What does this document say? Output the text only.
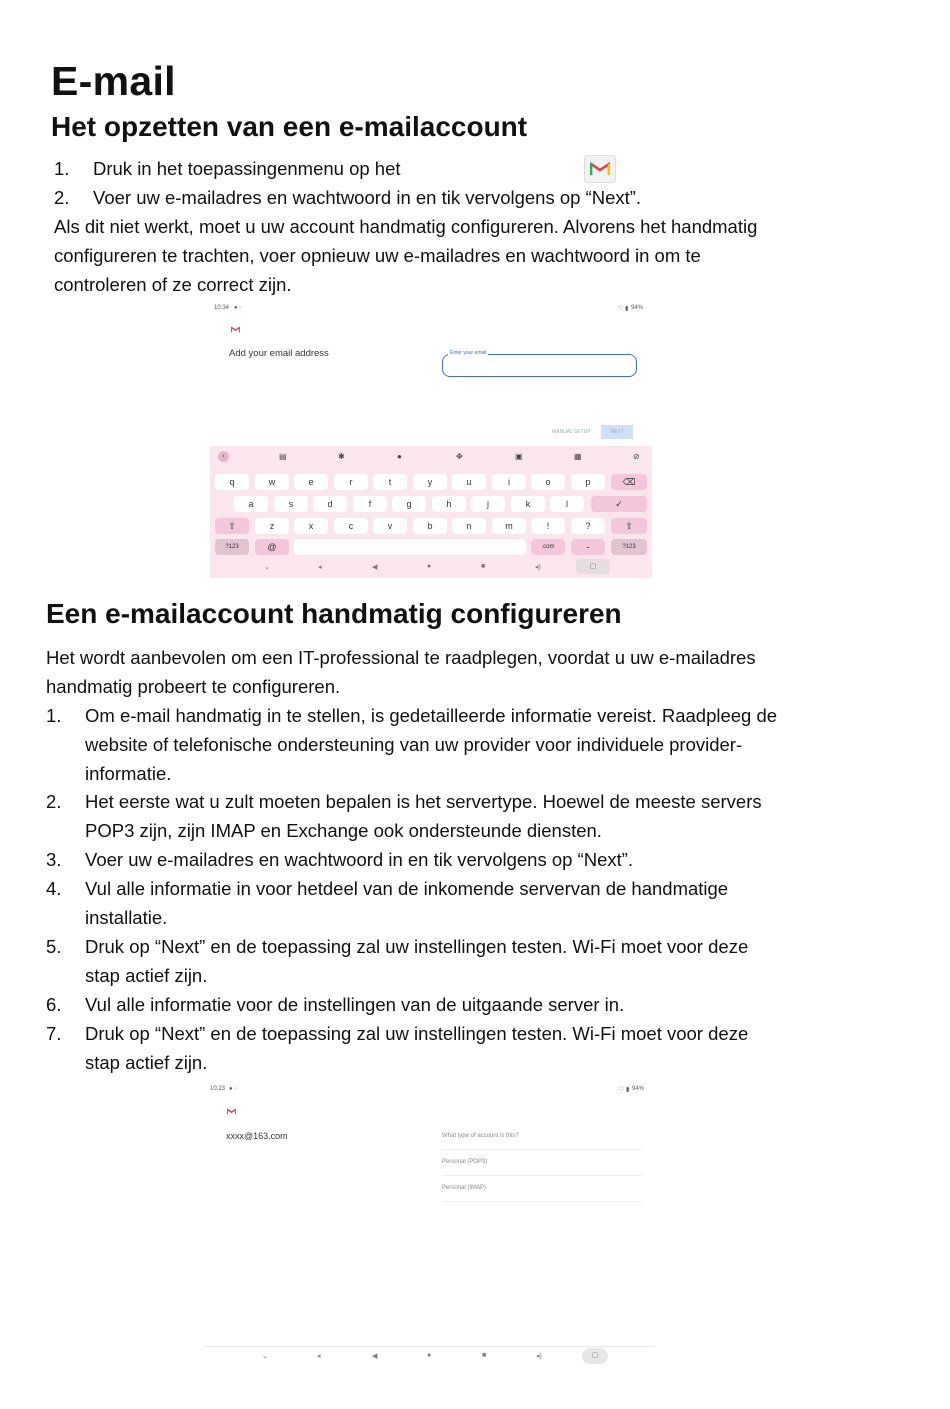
E-mail
Het opzetten van een e-mailaccount
1. Druk in het toepassingenmenu op het
2. Voer uw e-mailadres en wachtwoord in en tik vervolgens op “Next”.
Als dit niet werkt, moet u uw account handmatig configureren. Alvorens het handmatig
configureren te trachten, voer opnieuw uw e-mailadres en wachtwoord in om te
controleren of ze correct zijn.
10:34 ● ◦	♡ ▮ 94%
Add your email address	Enter your email
MANUAL SETUP	NEXT
‹	▤	✱	●	✥	▣	▦	⊘
q	w	e	r	t	y	u	i	o	p	⌫
a	s	d	f	g	h	j	k	l	✓
⇧	z	x	c	v	b	n	m	!	?	⇧
?123	@	.com	-	?123
⌄	◂	◀	●	■	◂)	▢
Een e-mailaccount handmatig configureren
Het wordt aanbevolen om een IT-professional te raadplegen, voordat u uw e-mailadres
handmatig probeert te configureren.
1. Om e-mail handmatig in te stellen, is gedetailleerde informatie vereist. Raadpleeg de
website of telefonische ondersteuning van uw provider voor individuele provider-
informatie.
2. Het eerste wat u zult moeten bepalen is het servertype. Hoewel de meeste servers
POP3 zijn, zijn IMAP en Exchange ook ondersteunde diensten.
3. Voer uw e-mailadres en wachtwoord in en tik vervolgens op “Next”.
4. Vul alle informatie in voor hetdeel van de inkomende servervan de handmatige
installatie.
5. Druk op “Next” en de toepassing zal uw instellingen testen. Wi-Fi moet voor deze
stap actief zijn.
6. Vul alle informatie voor de instellingen van de uitgaande server in.
7. Druk op “Next” en de toepassing zal uw instellingen testen. Wi-Fi moet voor deze
stap actief zijn.
10:23 ● ◦	♡ ▮ 94%
xxxx@163.com	What type of account is this?
Personal (POP3)
Personal (IMAP)
⌄	◂	◀	●	■	◂)	▢
